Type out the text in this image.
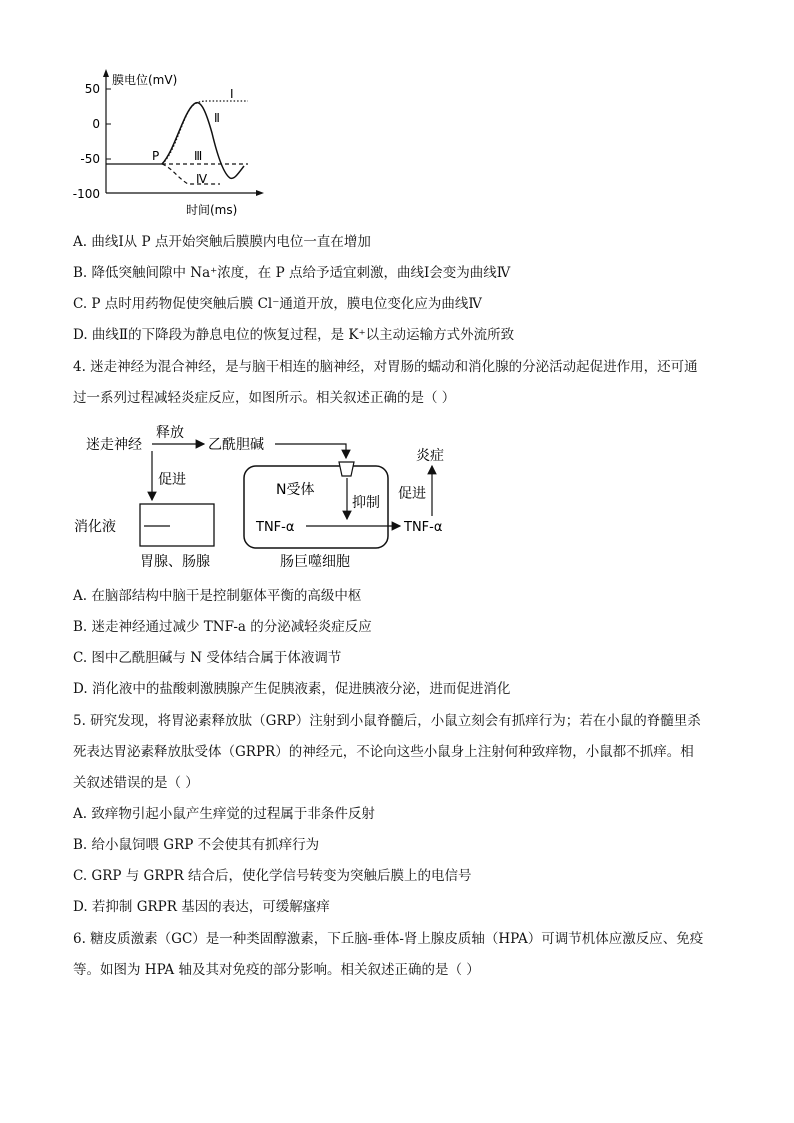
膜电位(mV)
50
0
-50
-100
时间(ms)
P
Ⅰ
Ⅱ
Ⅲ
Ⅳ
A. 曲线Ⅰ从 P 点开始突触后膜膜内电位一直在增加
B. 降低突触间隙中 Na⁺浓度，在 P 点给予适宜刺激，曲线Ⅰ会变为曲线Ⅳ
C. P 点时用药物促使突触后膜 Cl⁻通道开放，膜电位变化应为曲线Ⅳ
D. 曲线Ⅱ的下降段为静息电位的恢复过程，是 K⁺以主动运输方式外流所致
4. 迷走神经为混合神经，是与脑干相连的脑神经，对胃肠的蠕动和消化腺的分泌活动起促进作用，还可通
过一系列过程减轻炎症反应，如图所示。相关叙述正确的是（ ）
迷走神经
释放
乙酰胆碱
促进
消化液
胃腺、肠腺
N受体
抑制
TNF-α	TNF-α
促进
炎症
肠巨噬细胞
A. 在脑部结构中脑干是控制躯体平衡的高级中枢
B. 迷走神经通过减少 TNF-a 的分泌减轻炎症反应
C. 图中乙酰胆碱与 N 受体结合属于体液调节
D. 消化液中的盐酸刺激胰腺产生促胰液素，促进胰液分泌，进而促进消化
5. 研究发现，将胃泌素释放肽（GRP）注射到小鼠脊髓后，小鼠立刻会有抓痒行为；若在小鼠的脊髓里杀
死表达胃泌素释放肽受体（GRPR）的神经元，不论向这些小鼠身上注射何种致痒物，小鼠都不抓痒。相
关叙述错误的是（ ）
A. 致痒物引起小鼠产生痒觉的过程属于非条件反射
B. 给小鼠饲喂 GRP 不会使其有抓痒行为
C. GRP 与 GRPR 结合后，使化学信号转变为突触后膜上的电信号
D. 若抑制 GRPR 基因的表达，可缓解瘙痒
6. 糖皮质激素（GC）是一种类固醇激素，下丘脑-垂体-肾上腺皮质轴（HPA）可调节机体应激反应、免疫
等。如图为 HPA 轴及其对免疫的部分影响。相关叙述正确的是（ ）
